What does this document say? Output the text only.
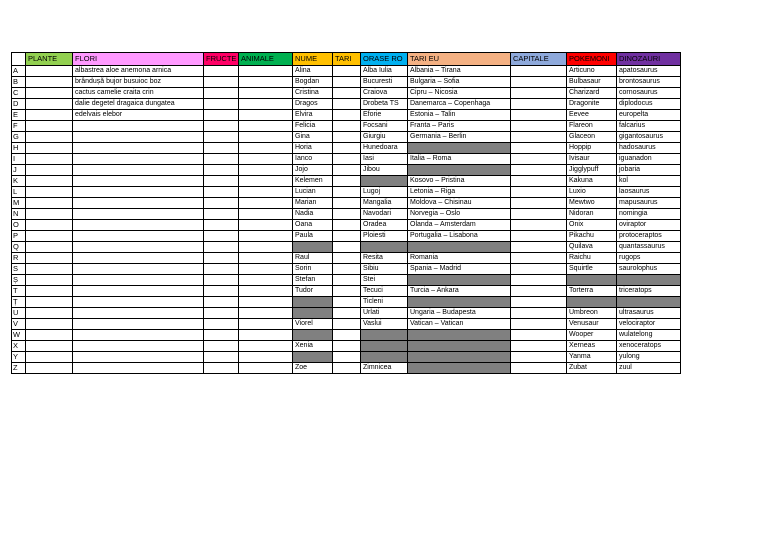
	PLANTE	FLORI	FRUCTE	ANIMALE	NUME	TARI	ORASE RO	TARI EU	CAPITALE	POKEMONI	DINOZAURI
A		albastrea aloe anemona arnica			Alina		Alba Iulia	Albania – Tirana		Articuno	apatosaurus
B		brândușă bujor busuioc boz			Bogdan		Bucuresti	Bulgaria – Sofia		Bulbasaur	brontosaurus
C		cactus camelie craita crin			Cristina		Craiova	Cipru – Nicosia		Charizard	cornosaurus
D		dalie degetel dragaica dungatea			Dragos		Drobeta TS	Danemarca – Copenhaga		Dragonite	diplodocus
E		edelvais elebor			Elvira		Eforie	Estonia – Talin		Eevee	europelta
F					Felicia		Focsani	Franta – Paris		Flareon	falcarius
G					Gina		Giurgiu	Germania – Berlin		Glaceon	gigantosaurus
H					Horia		Hunedoara			Hoppip	hadosaurus
I					Ianco		Iasi	Italia – Roma		Ivisaur	iguanadon
J					Jojo		Jibou			Jigglypuff	jobaria
K					Kelemen			Kosovo – Pristina		Kakuna	kol
L					Lucian		Lugoj	Letonia – Riga		Luxio	laosaurus
M					Marian		Mangalia	Moldova – Chisinau		Mewtwo	mapusaurus
N					Nadia		Navodari	Norvegia – Oslo		Nidoran	nomingia
O					Oana		Oradea	Olanda – Amsterdam		Onix	oviraptor
P					Paula		Ploiesti	Portugalia – Lisabona		Pikachu	protoceraptos
Q										Quilava	quantassaurus
R					Raul		Resita	Romania		Raichu	rugops
S					Sorin		Sibiu	Spania – Madrid		Squirtle	saurolophus
Ș					Stefan		Stei				
T					Tudor		Tecuci	Turcia – Ankara		Torterra	triceratops
Ț							Ticleni				
U							Urlati	Ungaria – Budapesta		Umbreon	ultrasaurus
V					Viorel		Vaslui	Vatican – Vatican		Venusaur	velociraptor
W										Wooper	wulatelong
X					Xenia					Xerneas	xenoceratops
Y										Yanma	yulong
Z					Zoe		Zimnicea			Zubat	zuul
